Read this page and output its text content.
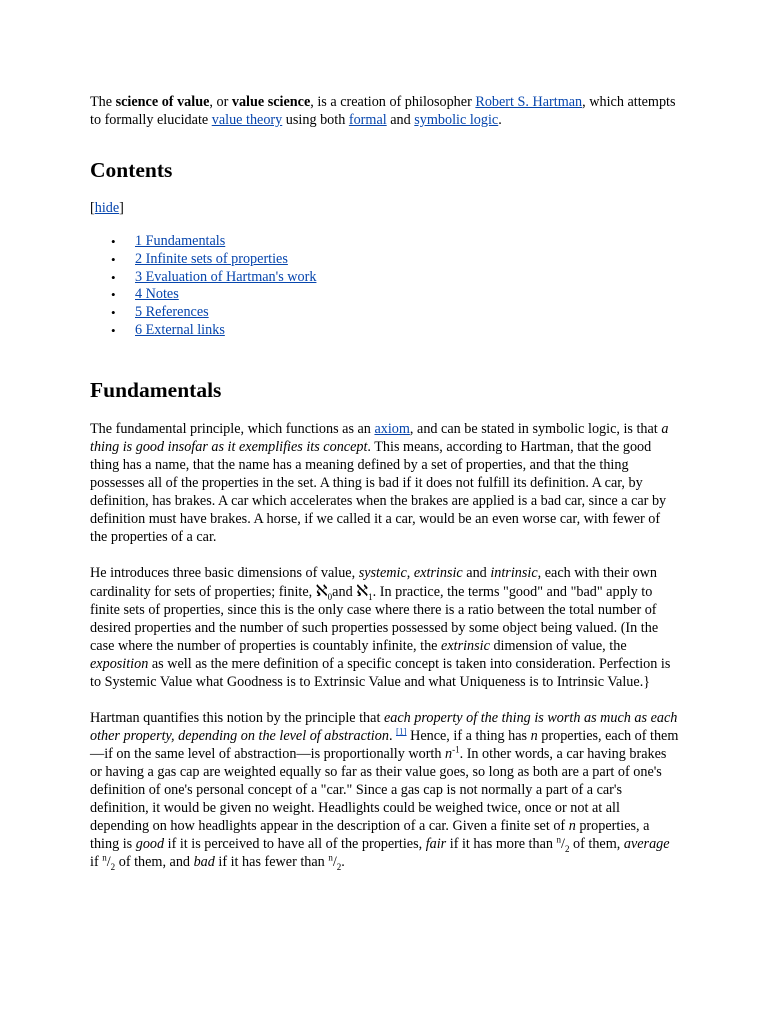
The science of value, or value science, is a creation of philosopher Robert S. Hartman, which attempts to formally elucidate value theory using both formal and symbolic logic.

Contents
[hide]
• 1 Fundamentals
• 2 Infinite sets of properties
• 3 Evaluation of Hartman's work
• 4 Notes
• 5 References
• 6 External links
Fundamentals

The fundamental principle, which functions as an axiom, and can be stated in symbolic logic, is that a thing is good insofar as it exemplifies its concept. This means, according to Hartman, that the good thing has a name, that the name has a meaning defined by a set of properties, and that the thing possesses all of the properties in the set. A thing is bad if it does not fulfill its definition. A car, by definition, has brakes. A car which accelerates when the brakes are applied is a bad car, since a car by definition must have brakes. A horse, if we called it a car, would be an even worse car, with fewer of the properties of a car.

He introduces three basic dimensions of value, systemic, extrinsic and intrinsic, each with their own cardinality for sets of properties; finite, ℵ$_0$and ℵ$_1$. In practice, the terms "good" and "bad" apply to finite sets of properties, since this is the only case where there is a ratio between the total number of desired properties and the number of such properties possessed by some object being valued. (In the case where the number of properties is countably infinite, the extrinsic dimension of value, the exposition as well as the mere definition of a specific concept is taken into consideration. Perfection is to Systemic Value what Goodness is to Extrinsic Value and what Uniqueness is to Intrinsic Value.}

Hartman quantifies this notion by the principle that each property of the thing is worth as much as each other property, depending on the level of abstraction. [1] Hence, if a thing has n properties, each of them—if on the same level of abstraction—is proportionally worth $n^{-1}$. In other words, a car having brakes or having a gas cap are weighted equally so far as their value goes, so long as both are a part of one's definition of one's personal concept of a "car." Since a gas cap is not normally a part of a car's definition, it would be given no weight. Headlights could be weighed twice, once or not at all depending on how headlights appear in the description of a car. Given a finite set of n properties, a thing is good if it is perceived to have all of the properties, fair if it has more than $^n/_2$ of them, average if $^n/_2$ of them, and bad if it has fewer than $^n/_2$.
